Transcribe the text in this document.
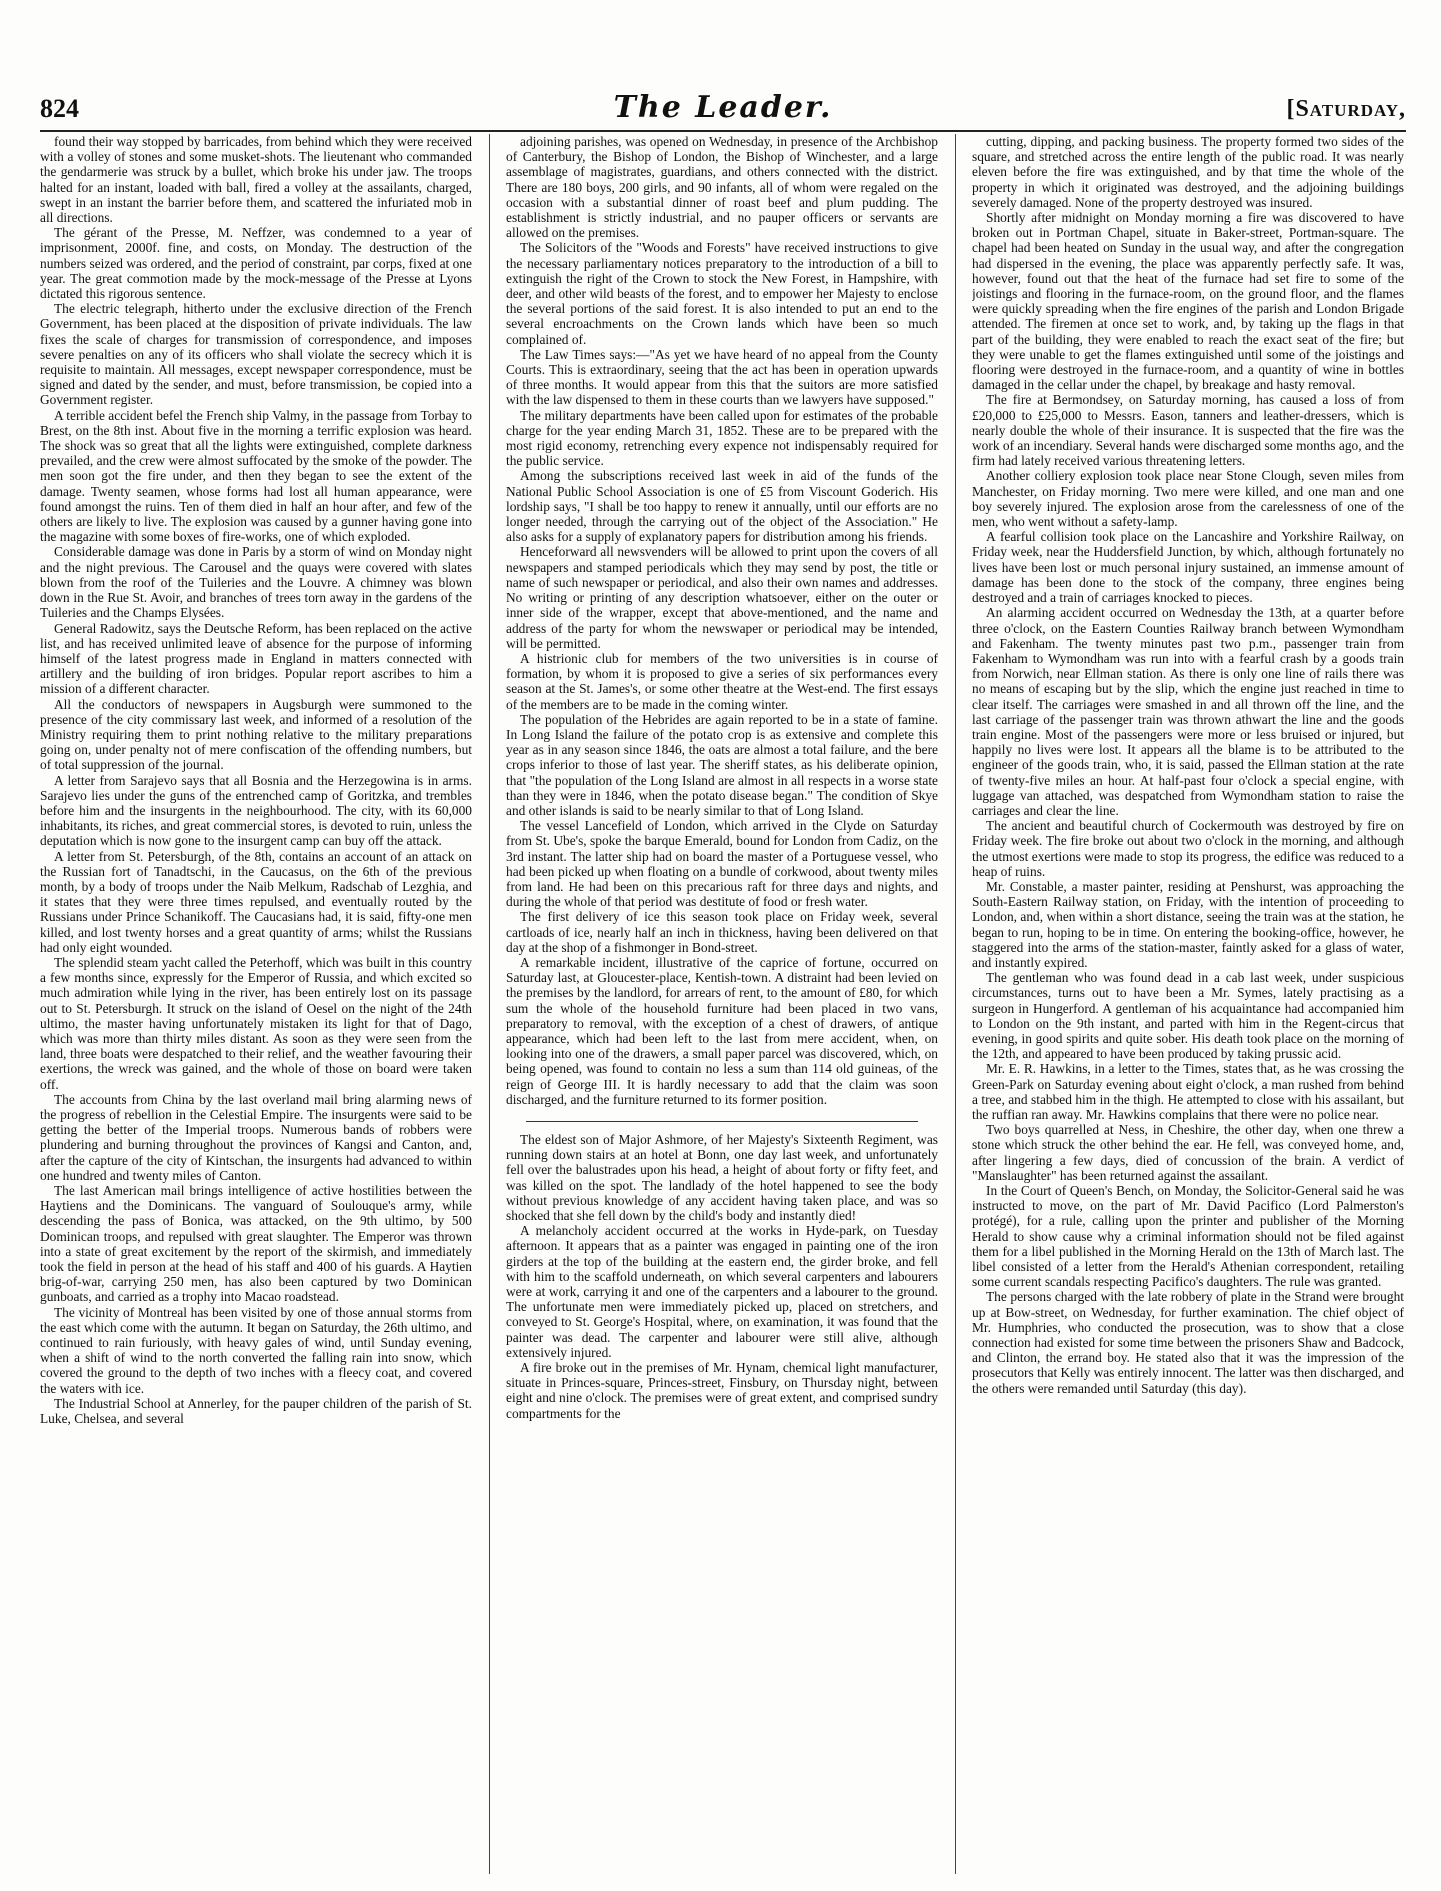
824	The Leader.	[Saturday,

found their way stopped by barricades, from behind which they were received with a volley of stones and some musket-shots. The lieutenant who commanded the gendarmerie was struck by a bullet, which broke his under jaw. The troops halted for an instant, loaded with ball, fired a volley at the assailants, charged, swept in an instant the barrier before them, and scattered the infuriated mob in all directions.

The gérant of the Presse, M. Neffzer, was condemned to a year of imprisonment, 2000f. fine, and costs, on Monday. The destruction of the numbers seized was ordered, and the period of constraint, par corps, fixed at one year. The great commotion made by the mock-message of the Presse at Lyons dictated this rigorous sentence.

The electric telegraph, hitherto under the exclusive direction of the French Government, has been placed at the disposition of private individuals. The law fixes the scale of charges for transmission of correspondence, and imposes severe penalties on any of its officers who shall violate the secrecy which it is requisite to maintain. All messages, except newspaper correspondence, must be signed and dated by the sender, and must, before transmission, be copied into a Government register.

A terrible accident befel the French ship Valmy, in the passage from Torbay to Brest, on the 8th inst. About five in the morning a terrific explosion was heard. The shock was so great that all the lights were extinguished, complete darkness prevailed, and the crew were almost suffocated by the smoke of the powder. The men soon got the fire under, and then they began to see the extent of the damage. Twenty seamen, whose forms had lost all human appearance, were found amongst the ruins. Ten of them died in half an hour after, and few of the others are likely to live. The explosion was caused by a gunner having gone into the magazine with some boxes of fire-works, one of which exploded.

Considerable damage was done in Paris by a storm of wind on Monday night and the night previous. The Carousel and the quays were covered with slates blown from the roof of the Tuileries and the Louvre. A chimney was blown down in the Rue St. Avoir, and branches of trees torn away in the gardens of the Tuileries and the Champs Elysées.

General Radowitz, says the Deutsche Reform, has been replaced on the active list, and has received unlimited leave of absence for the purpose of informing himself of the latest progress made in England in matters connected with artillery and the building of iron bridges. Popular report ascribes to him a mission of a different character.

All the conductors of newspapers in Augsburgh were summoned to the presence of the city commissary last week, and informed of a resolution of the Ministry requiring them to print nothing relative to the military preparations going on, under penalty not of mere confiscation of the offending numbers, but of total suppression of the journal.

A letter from Sarajevo says that all Bosnia and the Herzegowina is in arms. Sarajevo lies under the guns of the entrenched camp of Goritzka, and trembles before him and the insurgents in the neighbourhood. The city, with its 60,000 inhabitants, its riches, and great commercial stores, is devoted to ruin, unless the deputation which is now gone to the insurgent camp can buy off the attack.

A letter from St. Petersburgh, of the 8th, contains an account of an attack on the Russian fort of Tanadtschi, in the Caucasus, on the 6th of the previous month, by a body of troops under the Naib Melkum, Radschab of Lezghia, and it states that they were three times repulsed, and eventually routed by the Russians under Prince Schanikoff. The Caucasians had, it is said, fifty-one men killed, and lost twenty horses and a great quantity of arms; whilst the Russians had only eight wounded.

The splendid steam yacht called the Peterhoff, which was built in this country a few months since, expressly for the Emperor of Russia, and which excited so much admiration while lying in the river, has been entirely lost on its passage out to St. Petersburgh. It struck on the island of Oesel on the night of the 24th ultimo, the master having unfortunately mistaken its light for that of Dago, which was more than thirty miles distant. As soon as they were seen from the land, three boats were despatched to their relief, and the weather favouring their exertions, the wreck was gained, and the whole of those on board were taken off.

The accounts from China by the last overland mail bring alarming news of the progress of rebellion in the Celestial Empire. The insurgents were said to be getting the better of the Imperial troops. Numerous bands of robbers were plundering and burning throughout the provinces of Kangsi and Canton, and, after the capture of the city of Kintschan, the insurgents had advanced to within one hundred and twenty miles of Canton.

The last American mail brings intelligence of active hostilities between the Haytiens and the Dominicans. The vanguard of Soulouque's army, while descending the pass of Bonica, was attacked, on the 9th ultimo, by 500 Dominican troops, and repulsed with great slaughter. The Emperor was thrown into a state of great excitement by the report of the skirmish, and immediately took the field in person at the head of his staff and 400 of his guards. A Haytien brig-of-war, carrying 250 men, has also been captured by two Dominican gunboats, and carried as a trophy into Macao roadstead.

The vicinity of Montreal has been visited by one of those annual storms from the east which come with the autumn. It began on Saturday, the 26th ultimo, and continued to rain furiously, with heavy gales of wind, until Sunday evening, when a shift of wind to the north converted the falling rain into snow, which covered the ground to the depth of two inches with a fleecy coat, and covered the waters with ice.

The Industrial School at Annerley, for the pauper children of the parish of St. Luke, Chelsea, and several

adjoining parishes, was opened on Wednesday, in presence of the Archbishop of Canterbury, the Bishop of London, the Bishop of Winchester, and a large assemblage of magistrates, guardians, and others connected with the district. There are 180 boys, 200 girls, and 90 infants, all of whom were regaled on the occasion with a substantial dinner of roast beef and plum pudding. The establishment is strictly industrial, and no pauper officers or servants are allowed on the premises.

The Solicitors of the "Woods and Forests" have received instructions to give the necessary parliamentary notices preparatory to the introduction of a bill to extinguish the right of the Crown to stock the New Forest, in Hampshire, with deer, and other wild beasts of the forest, and to empower her Majesty to enclose the several portions of the said forest. It is also intended to put an end to the several encroachments on the Crown lands which have been so much complained of.

The Law Times says:—"As yet we have heard of no appeal from the County Courts. This is extraordinary, seeing that the act has been in operation upwards of three months. It would appear from this that the suitors are more satisfied with the law dispensed to them in these courts than we lawyers have supposed."

The military departments have been called upon for estimates of the probable charge for the year ending March 31, 1852. These are to be prepared with the most rigid economy, retrenching every expence not indispensably required for the public service.

Among the subscriptions received last week in aid of the funds of the National Public School Association is one of £5 from Viscount Goderich. His lordship says, "I shall be too happy to renew it annually, until our efforts are no longer needed, through the carrying out of the object of the Association." He also asks for a supply of explanatory papers for distribution among his friends.

Henceforward all newsvenders will be allowed to print upon the covers of all newspapers and stamped periodicals which they may send by post, the title or name of such newspaper or periodical, and also their own names and addresses. No writing or printing of any description whatsoever, either on the outer or inner side of the wrapper, except that above-mentioned, and the name and address of the party for whom the newswaper or periodical may be intended, will be permitted.

A histrionic club for members of the two universities is in course of formation, by whom it is proposed to give a series of six performances every season at the St. James's, or some other theatre at the West-end. The first essays of the members are to be made in the coming winter.

The population of the Hebrides are again reported to be in a state of famine. In Long Island the failure of the potato crop is as extensive and complete this year as in any season since 1846, the oats are almost a total failure, and the bere crops inferior to those of last year. The sheriff states, as his deliberate opinion, that "the population of the Long Island are almost in all respects in a worse state than they were in 1846, when the potato disease began." The condition of Skye and other islands is said to be nearly similar to that of Long Island.

The vessel Lancefield of London, which arrived in the Clyde on Saturday from St. Ube's, spoke the barque Emerald, bound for London from Cadiz, on the 3rd instant. The latter ship had on board the master of a Portuguese vessel, who had been picked up when floating on a bundle of corkwood, about twenty miles from land. He had been on this precarious raft for three days and nights, and during the whole of that period was destitute of food or fresh water.

The first delivery of ice this season took place on Friday week, several cartloads of ice, nearly half an inch in thickness, having been delivered on that day at the shop of a fishmonger in Bond-street.

A remarkable incident, illustrative of the caprice of fortune, occurred on Saturday last, at Gloucester-place, Kentish-town. A distraint had been levied on the premises by the landlord, for arrears of rent, to the amount of £80, for which sum the whole of the household furniture had been placed in two vans, preparatory to removal, with the exception of a chest of drawers, of antique appearance, which had been left to the last from mere accident, when, on looking into one of the drawers, a small paper parcel was discovered, which, on being opened, was found to contain no less a sum than 114 old guineas, of the reign of George III. It is hardly necessary to add that the claim was soon discharged, and the furniture returned to its former position.

The eldest son of Major Ashmore, of her Majesty's Sixteenth Regiment, was running down stairs at an hotel at Bonn, one day last week, and unfortunately fell over the balustrades upon his head, a height of about forty or fifty feet, and was killed on the spot. The landlady of the hotel happened to see the body without previous knowledge of any accident having taken place, and was so shocked that she fell down by the child's body and instantly died!

A melancholy accident occurred at the works in Hyde-park, on Tuesday afternoon. It appears that as a painter was engaged in painting one of the iron girders at the top of the building at the eastern end, the girder broke, and fell with him to the scaffold underneath, on which several carpenters and labourers were at work, carrying it and one of the carpenters and a labourer to the ground. The unfortunate men were immediately picked up, placed on stretchers, and conveyed to St. George's Hospital, where, on examination, it was found that the painter was dead. The carpenter and labourer were still alive, although extensively injured.

A fire broke out in the premises of Mr. Hynam, chemical light manufacturer, situate in Princes-square, Princes-street, Finsbury, on Thursday night, between eight and nine o'clock. The premises were of great extent, and comprised sundry compartments for the

cutting, dipping, and packing business. The property formed two sides of the square, and stretched across the entire length of the public road. It was nearly eleven before the fire was extinguished, and by that time the whole of the property in which it originated was destroyed, and the adjoining buildings severely damaged. None of the property destroyed was insured.

Shortly after midnight on Monday morning a fire was discovered to have broken out in Portman Chapel, situate in Baker-street, Portman-square. The chapel had been heated on Sunday in the usual way, and after the congregation had dispersed in the evening, the place was apparently perfectly safe. It was, however, found out that the heat of the furnace had set fire to some of the joistings and flooring in the furnace-room, on the ground floor, and the flames were quickly spreading when the fire engines of the parish and London Brigade attended. The firemen at once set to work, and, by taking up the flags in that part of the building, they were enabled to reach the exact seat of the fire; but they were unable to get the flames extinguished until some of the joistings and flooring were destroyed in the furnace-room, and a quantity of wine in bottles damaged in the cellar under the chapel, by breakage and hasty removal.

The fire at Bermondsey, on Saturday morning, has caused a loss of from £20,000 to £25,000 to Messrs. Eason, tanners and leather-dressers, which is nearly double the whole of their insurance. It is suspected that the fire was the work of an incendiary. Several hands were discharged some months ago, and the firm had lately received various threatening letters.

Another colliery explosion took place near Stone Clough, seven miles from Manchester, on Friday morning. Two mere were killed, and one man and one boy severely injured. The explosion arose from the carelessness of one of the men, who went without a safety-lamp.

A fearful collision took place on the Lancashire and Yorkshire Railway, on Friday week, near the Huddersfield Junction, by which, although fortunately no lives have been lost or much personal injury sustained, an immense amount of damage has been done to the stock of the company, three engines being destroyed and a train of carriages knocked to pieces.

An alarming accident occurred on Wednesday the 13th, at a quarter before three o'clock, on the Eastern Counties Railway branch between Wymondham and Fakenham. The twenty minutes past two p.m., passenger train from Fakenham to Wymondham was run into with a fearful crash by a goods train from Norwich, near Ellman station. As there is only one line of rails there was no means of escaping but by the slip, which the engine just reached in time to clear itself. The carriages were smashed in and all thrown off the line, and the last carriage of the passenger train was thrown athwart the line and the goods train engine. Most of the passengers were more or less bruised or injured, but happily no lives were lost. It appears all the blame is to be attributed to the engineer of the goods train, who, it is said, passed the Ellman station at the rate of twenty-five miles an hour. At half-past four o'clock a special engine, with luggage van attached, was despatched from Wymondham station to raise the carriages and clear the line.

The ancient and beautiful church of Cockermouth was destroyed by fire on Friday week. The fire broke out about two o'clock in the morning, and although the utmost exertions were made to stop its progress, the edifice was reduced to a heap of ruins.

Mr. Constable, a master painter, residing at Penshurst, was approaching the South-Eastern Railway station, on Friday, with the intention of proceeding to London, and, when within a short distance, seeing the train was at the station, he began to run, hoping to be in time. On entering the booking-office, however, he staggered into the arms of the station-master, faintly asked for a glass of water, and instantly expired.

The gentleman who was found dead in a cab last week, under suspicious circumstances, turns out to have been a Mr. Symes, lately practising as a surgeon in Hungerford. A gentleman of his acquaintance had accompanied him to London on the 9th instant, and parted with him in the Regent-circus that evening, in good spirits and quite sober. His death took place on the morning of the 12th, and appeared to have been produced by taking prussic acid.

Mr. E. R. Hawkins, in a letter to the Times, states that, as he was crossing the Green-Park on Saturday evening about eight o'clock, a man rushed from behind a tree, and stabbed him in the thigh. He attempted to close with his assailant, but the ruffian ran away. Mr. Hawkins complains that there were no police near.

Two boys quarrelled at Ness, in Cheshire, the other day, when one threw a stone which struck the other behind the ear. He fell, was conveyed home, and, after lingering a few days, died of concussion of the brain. A verdict of "Manslaughter" has been returned against the assailant.

In the Court of Queen's Bench, on Monday, the Solicitor-General said he was instructed to move, on the part of Mr. David Pacifico (Lord Palmerston's protégé), for a rule, calling upon the printer and publisher of the Morning Herald to show cause why a criminal information should not be filed against them for a libel published in the Morning Herald on the 13th of March last. The libel consisted of a letter from the Herald's Athenian correspondent, retailing some current scandals respecting Pacifico's daughters. The rule was granted.

The persons charged with the late robbery of plate in the Strand were brought up at Bow-street, on Wednesday, for further examination. The chief object of Mr. Humphries, who conducted the prosecution, was to show that a close connection had existed for some time between the prisoners Shaw and Badcock, and Clinton, the errand boy. He stated also that it was the impression of the prosecutors that Kelly was entirely innocent. The latter was then discharged, and the others were remanded until Saturday (this day).
